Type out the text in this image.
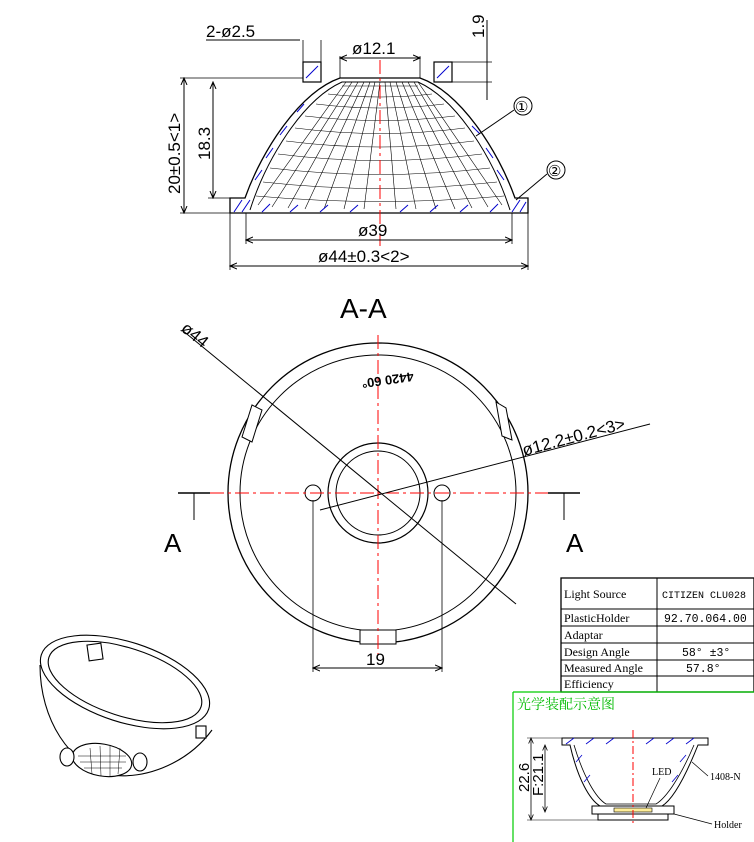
2-ø2.5
ø12.1
1.9
20±0.5<1> 18.3
ø39
ø44±0.3<2>
①
②
A-A
ø44
ø12.2±0.2<3>
4420 60°
19
A	A
Light Source	CITIZEN CLU028
PlasticHolder	92.70.064.00
Adaptar
Design Angle	58° ±3°
Measured Angle	57.8°
Efficiency
光学装配示意图
22.6
F:21.1	LED	1408-N
Holder
